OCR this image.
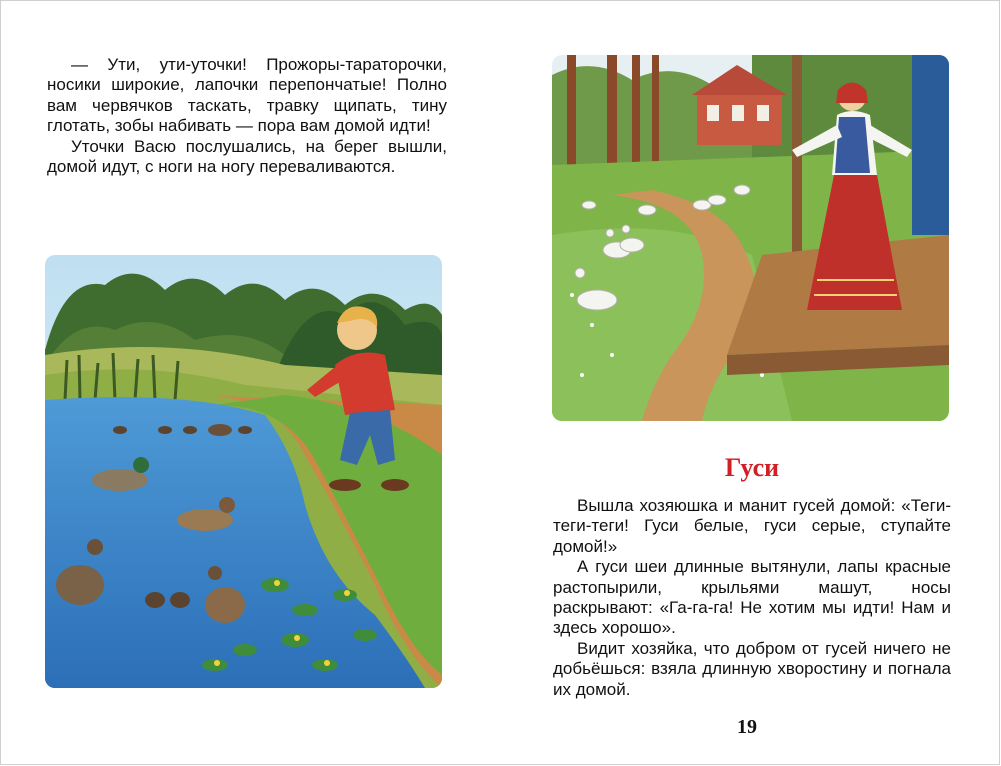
— Ути, ути-уточки! Прожоры-тараторочки, носики широкие, лапочки перепончатые! Полно вам червячков таскать, травку щипать, тину глотать, зобы набивать — пора вам домой идти!

Уточки Васю послушались, на берег вышли, домой идут, с ноги на ногу переваливаются.

Гуси

Вышла хозяюшка и манит гусей домой: «Теги-теги-теги! Гуси белые, гуси серые, ступайте домой!»

А гуси шеи длинные вытянули, лапы красные растопырили, крыльями машут, носы раскрывают: «Га-га-га! Не хотим мы идти! Нам и здесь хорошо».

Видит хозяйка, что добром от гусей ничего не добьёшься: взяла длинную хворостину и погнала их домой.

19
